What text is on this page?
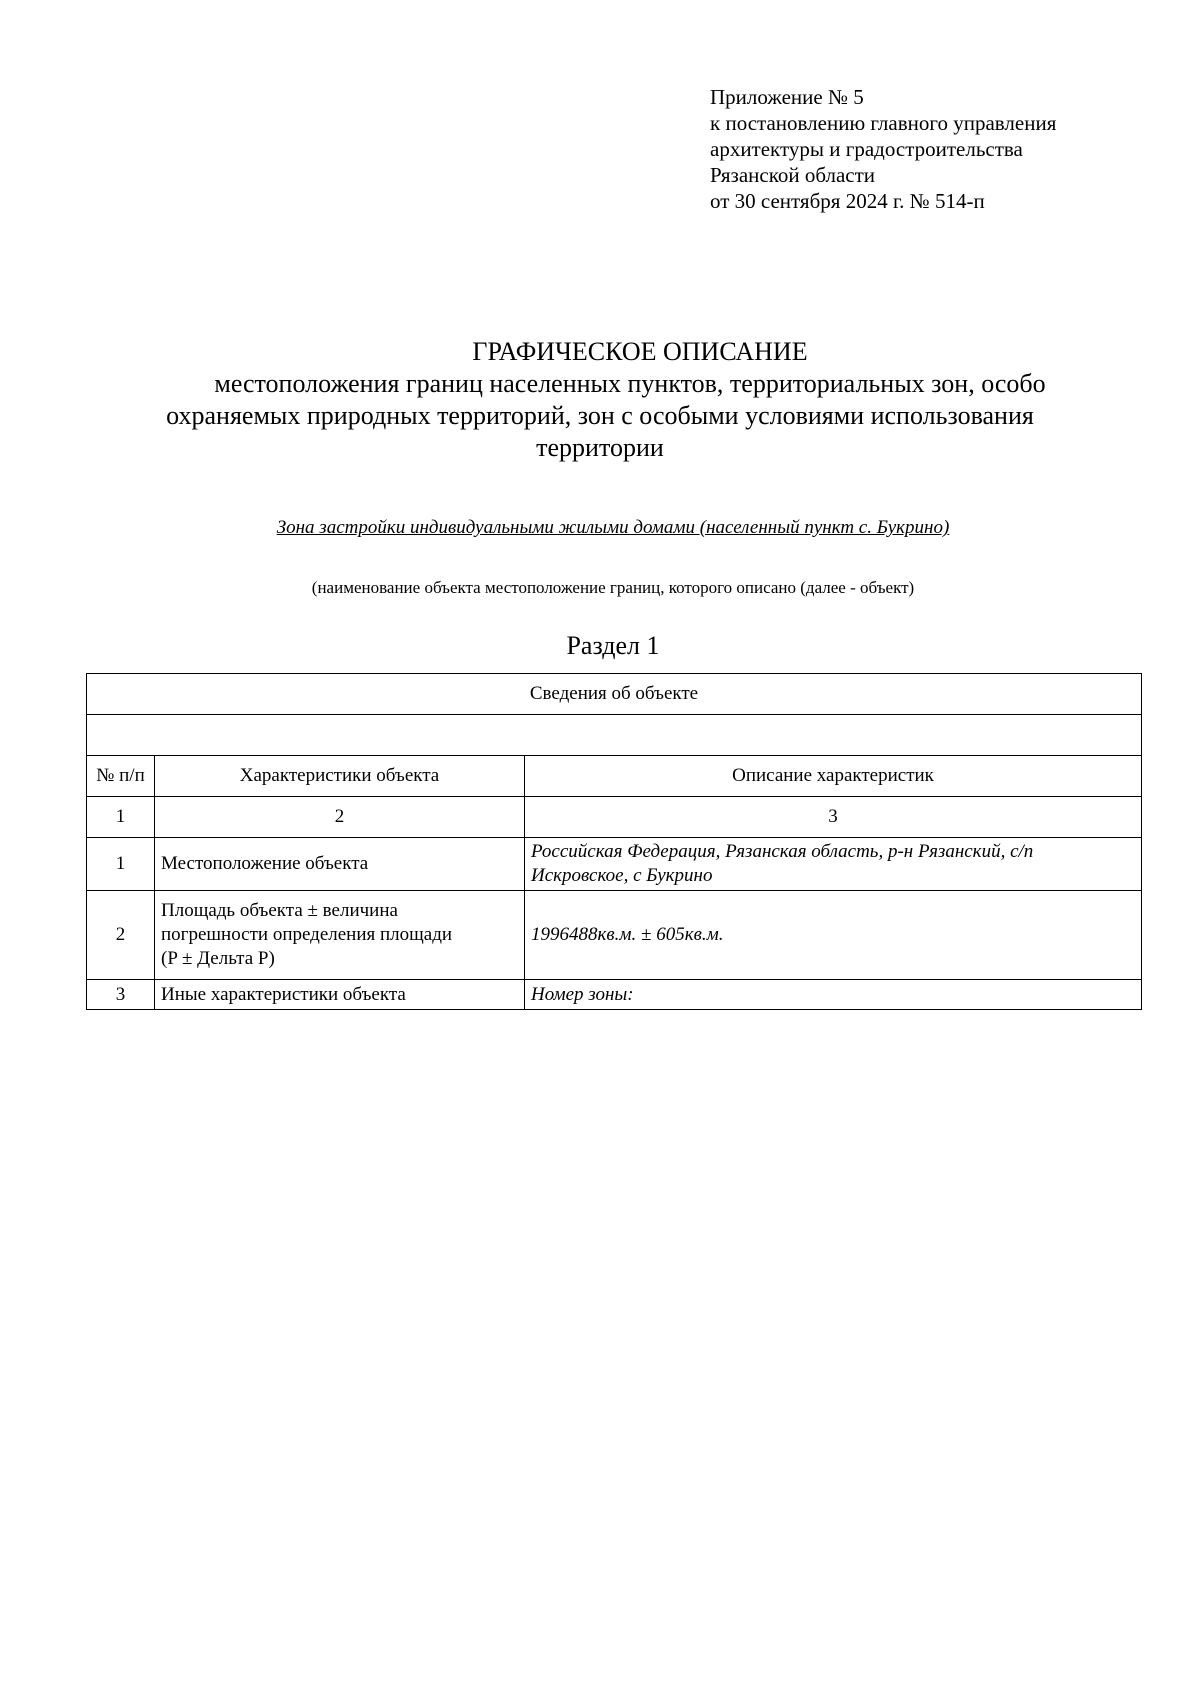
Приложение № 5
к постановлению главного управления
архитектуры и градостроительства
Рязанской области
от 30 сентября 2024 г. № 514-п
ГРАФИЧЕСКОЕ ОПИСАНИЕ
местоположения границ населенных пунктов, территориальных зон, особо
охраняемых природных территорий, зон с особыми условиями использования
территории
Зона застройки индивидуальными жилыми домами (населенный пункт с. Букрино)
(наименование объекта местоположение границ, которого описано (далее - объект)
Раздел 1
Сведения об объекте		

№ п/п	Характеристики объекта	Описание характеристик
1	2	3
1	Местоположение объекта	Российская Федерация, Рязанская область, р-н Рязанский, с/п
Искровское, с Букрино

2	Площадь объекта ± величина
погрешности определения площади
(P ± Дельта P)	1996488кв.м. ± 605кв.м.
3	Иные характеристики объекта	Номер зоны:
